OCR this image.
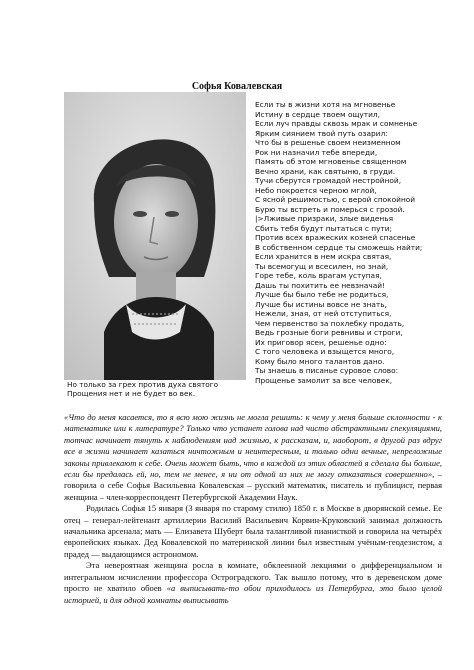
Софья Ковалевская
Но только за грех против духа святого
Прощения нет и не будет во век.
Если ты в жизни хотя на мгновенье
Истину в сердце твоем ощутил,
Если луч правды сквозь мрак и сомненье
Ярким сиянием твой путь озарил:
Что бы в решенье своем неизменном
Рок ни назначил тебе впереди,
Память об этом мгновенье священном
Вечно храни, как святыню, в груди.
Тучи сберутся громадой нестройной,
Небо покроется черною мглой,
С ясной решимостью, с верой спокойной
Бурю ты встреть и померься с грозой.
|>Лживые призраки, злые виденья
Сбить тебя будут пытаться с пути;
Против всех вражеских козней спасенье
В собственном сердце ты сможешь найти;
Если хранится в нем искра святая,
Ты всемогущ и всесилен, но знай,
Горе тебе, коль врагам уступая,
Дашь ты похитить ее невзначай!
Лучше бы было тебе не родиться,
Лучше бы истины вовсе не знать,
Нежели, зная, от ней отступиться,
Чем первенство за похлебку продать,
Ведь грозные боги ревнивы и строги,
Их приговор ясен, решенье одно:
С того человека и взыщется много,
Кому было много талантов дано.
Ты знаешь в писанье суровое слово:
Прощенье замолит за все человек,

«Что до меня касается, то я всю мою жизнь не могла решить: к чему у меня больше склонности - к математике или к литературе? Только что устанет голова над чисто абстрактными спекуляциями, тотчас начинает тянуть к наблюдениям над жизнью, к рассказам, и, наоборот, в другой раз вдруг все в жизни начинает казаться ничтожным и неинтересным, и только одни вечные, непреложные законы привлекают к себе. Очень может быть, что в каждой из этих областей я сделала бы больше, если бы предалась ей, но, тем не менее, я ни от одной из них не могу отказаться совершенно», – говорила о себе Софья Васильевна Ковалевская – русский математик, писатель и публицист, первая женщина – член-корреспондент Петербургской Академии Наук.

Родилась Софья 15 января (3 января по старому стилю) 1850 г. в Москве в дворянской семье. Ее отец – генерал-лейтенант артиллерии Василий Васильевич Корвин-Круковский занимал должность начальника арсенала; мать — Елизавета Шуберт была талантливой пианисткой и говорила на четырёх европейских языках. Дед Ковалевской по материнской линии был известным учёным-геодезистом, а прадед — выдающимся астрономом.

Эта невероятная женщина росла в комнате, обклеенной лекциями о дифференциальном и интегральном исчислении профессора Остроградского. Так вышло потому, что в деревенском доме просто не хватило обоев «а выписывать-то обои приходилось из Петербурга, это было целой историей, и для одной комнаты выписывать
